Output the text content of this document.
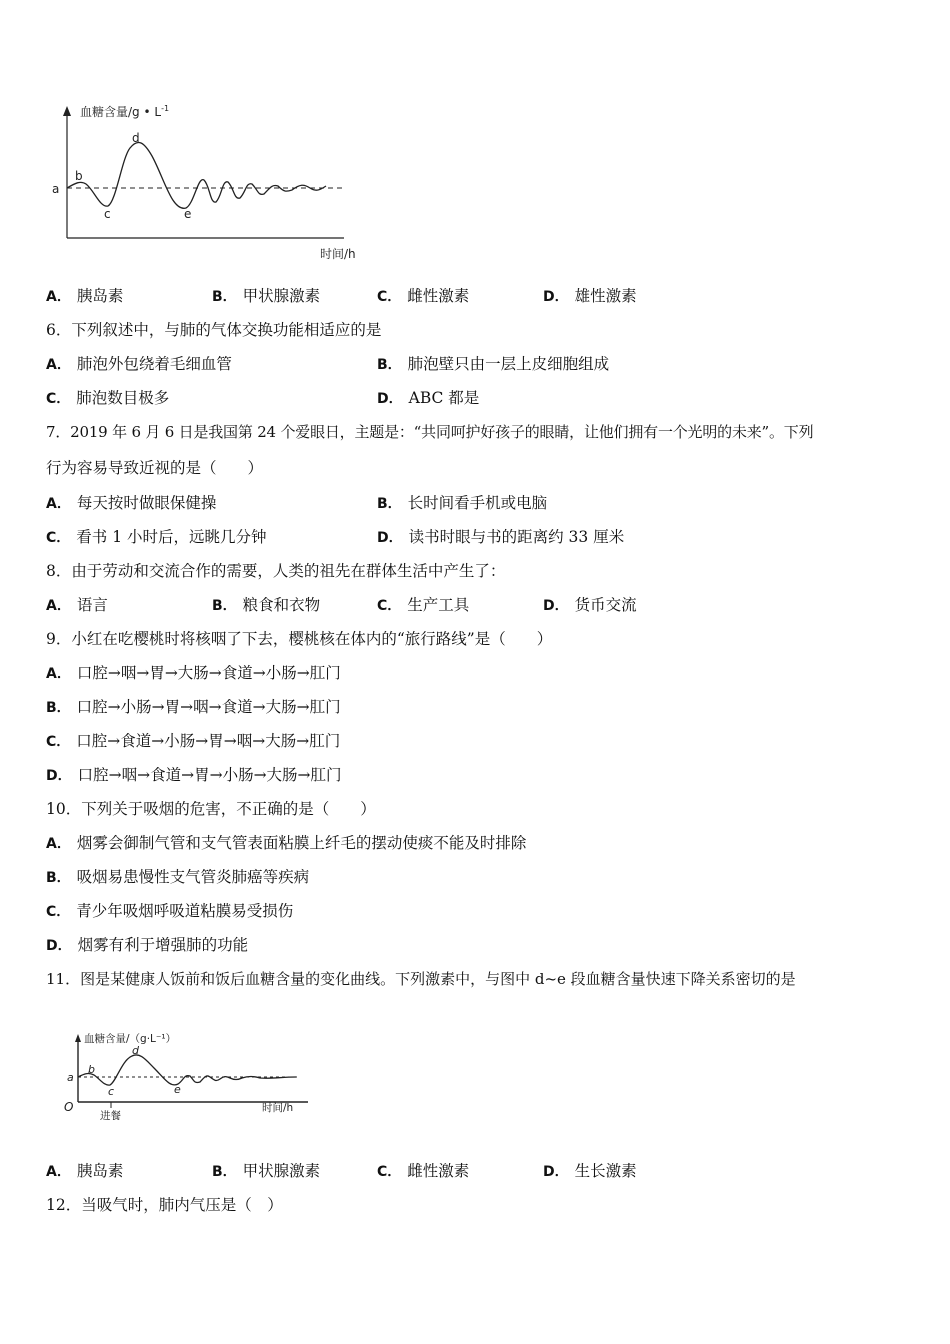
血糖含量/g • $L^{-1}$
时间/h
a
b
c
d
e
A． 胰岛素	B． 甲状腺激素	C． 雌性激素	D． 雄性激素
6．下列叙述中，与肺的气体交换功能相适应的是
A． 肺泡外包绕着毛细血管	B． 肺泡壁只由一层上皮细胞组成
C． 肺泡数目极多	D． ABC 都是
7．2019 年 6 月 6 日是我国第 24 个爱眼日，主题是：“共同呵护好孩子的眼睛，让他们拥有一个光明的未来”。下列
行为容易导致近视的是（　　）
A． 每天按时做眼保健操	B． 长时间看手机或电脑
C． 看书 1 小时后，远眺几分钟	D． 读书时眼与书的距离约 33 厘米
8．由于劳动和交流合作的需要，人类的祖先在群体生活中产生了：
A． 语言	B． 粮食和衣物	C． 生产工具	D． 货币交流
9．小红在吃樱桃时将核咽了下去，樱桃核在体内的“旅行路线”是（　　）
A． 口腔→咽→胃→大肠→食道→小肠→肛门
B． 口腔→小肠→胃→咽→食道→大肠→肛门
C． 口腔→食道→小肠→胃→咽→大肠→肛门
D． 口腔→咽→食道→胃→小肠→大肠→肛门
10．下列关于吸烟的危害，不正确的是（　　）
A． 烟雾会御制气管和支气管表面粘膜上纤毛的摆动使痰不能及时排除
B． 吸烟易患慢性支气管炎肺癌等疾病
C． 青少年吸烟呼吸道粘膜易受损伤
D． 烟雾有利于增强肺的功能
11．图是某健康人饭前和饭后血糖含量的变化曲线。下列激素中，与图中 d~e 段血糖含量快速下降关系密切的是
血糖含量/（g·L⁻¹）
时间/h
O
进餐
a
b
c
d
e
A． 胰岛素	B． 甲状腺激素	C． 雌性激素	D． 生长激素
12．当吸气时，肺内气压是（　）
